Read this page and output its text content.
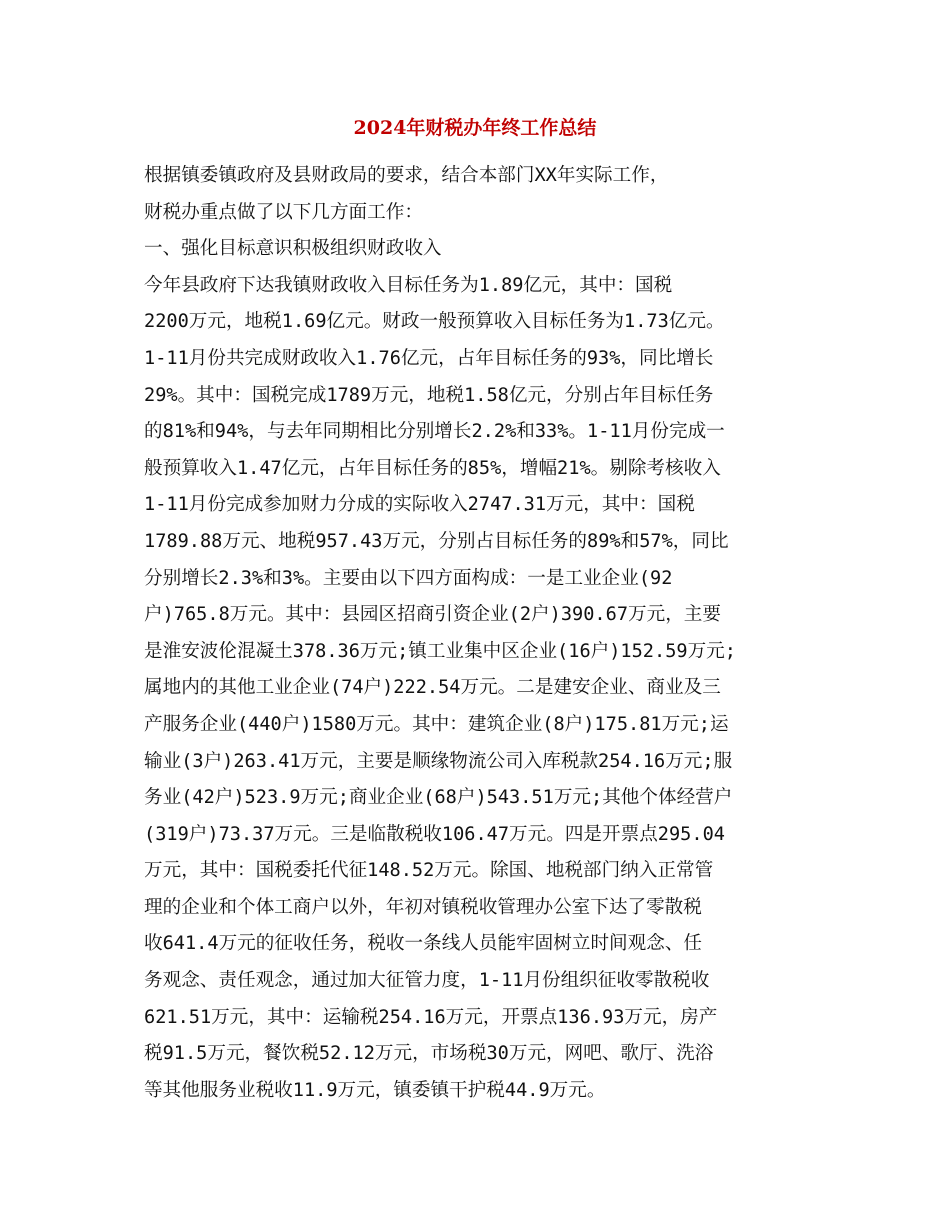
2024年财税办年终工作总结

根据镇委镇政府及县财政局的要求，结合本部门XX年实际工作，
财税办重点做了以下几方面工作：

一、强化目标意识积极组织财政收入

今年县政府下达我镇财政收入目标任务为1.89亿元，其中：国税
2200万元，地税1.69亿元。财政一般预算收入目标任务为1.73亿元。
1-11月份共完成财政收入1.76亿元，占年目标任务的93%，同比增长
29%。其中：国税完成1789万元，地税1.58亿元，分别占年目标任务
的81%和94%，与去年同期相比分别增长2.2%和33%。1-11月份完成一
般预算收入1.47亿元，占年目标任务的85%，增幅21%。剔除考核收入
1-11月份完成参加财力分成的实际收入2747.31万元，其中：国税
1789.88万元、地税957.43万元，分别占目标任务的89%和57%，同比
分别增长2.3%和3%。主要由以下四方面构成：一是工业企业(92
户)765.8万元。其中：县园区招商引资企业(2户)390.67万元，主要
是淮安波伦混凝土378.36万元;镇工业集中区企业(16户)152.59万元;
属地内的其他工业企业(74户)222.54万元。二是建安企业、商业及三
产服务企业(440户)1580万元。其中：建筑企业(8户)175.81万元;运
输业(3户)263.41万元，主要是顺缘物流公司入库税款254.16万元;服
务业(42户)523.9万元;商业企业(68户)543.51万元;其他个体经营户
(319户)73.37万元。三是临散税收106.47万元。四是开票点295.04
万元，其中：国税委托代征148.52万元。除国、地税部门纳入正常管
理的企业和个体工商户以外，年初对镇税收管理办公室下达了零散税
收641.4万元的征收任务，税收一条线人员能牢固树立时间观念、任
务观念、责任观念，通过加大征管力度，1-11月份组织征收零散税收
621.51万元，其中：运输税254.16万元，开票点136.93万元，房产
税91.5万元，餐饮税52.12万元，市场税30万元，网吧、歌厅、洗浴
等其他服务业税收11.9万元，镇委镇干护税44.9万元。
